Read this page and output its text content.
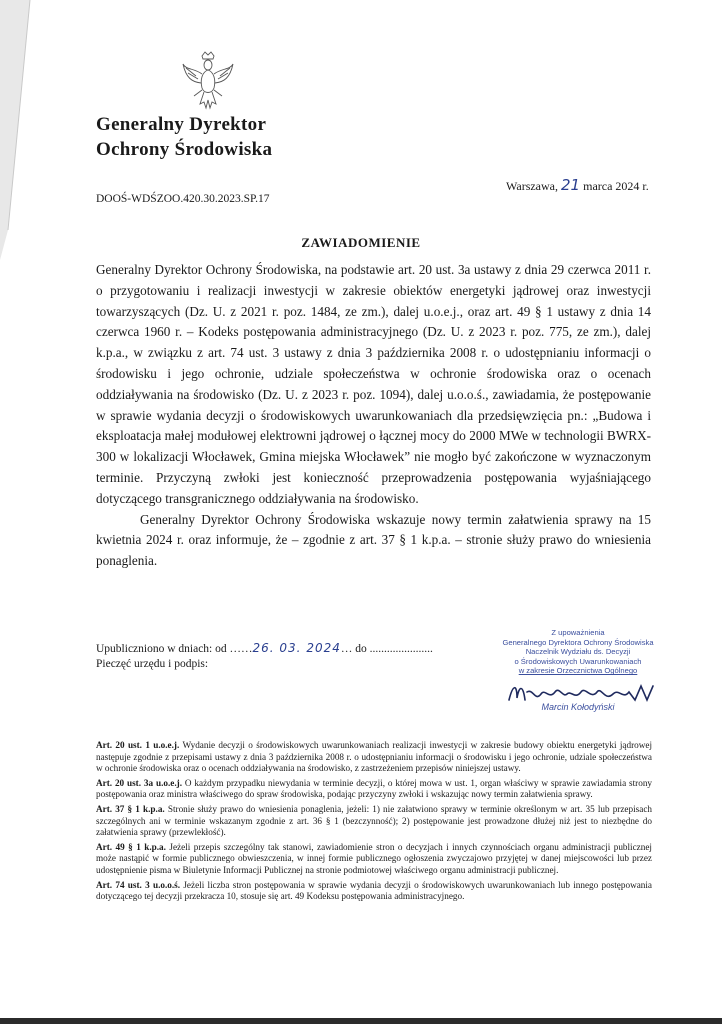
Generalny Dyrektor
Ochrony Środowiska
Warszawa, 21 marca 2024 r.
DOOŚ-WDŚZOO.420.30.2023.SP.17
ZAWIADOMIENIE

Generalny Dyrektor Ochrony Środowiska, na podstawie art. 20 ust. 3a ustawy z dnia 29 czerwca 2011 r. o przygotowaniu i realizacji inwestycji w zakresie obiektów energetyki jądrowej oraz inwestycji towarzyszących (Dz. U. z 2021 r. poz. 1484, ze zm.), dalej u.o.e.j., oraz art. 49 § 1 ustawy z dnia 14 czerwca 1960 r. – Kodeks postępowania administracyjnego (Dz. U. z 2023 r. poz. 775, ze zm.), dalej k.p.a., w związku z art. 74 ust. 3 ustawy z dnia 3 października 2008 r. o udostępnianiu informacji o środowisku i jego ochronie, udziale społeczeństwa w ochronie środowiska oraz o ocenach oddziaływania na środowisko (Dz. U. z 2023 r. poz. 1094), dalej u.o.o.ś., zawiadamia, że postępowanie w sprawie wydania decyzji o środowiskowych uwarunkowaniach dla przedsięwzięcia pn.: „Budowa i eksploatacja małej modułowej elektrowni jądrowej o łącznej mocy do 2000 MWe w technologii BWRX-300 w lokalizacji Włocławek, Gmina miejska Włocławek” nie mogło być zakończone w wyznaczonym terminie. Przyczyną zwłoki jest konieczność przeprowadzenia postępowania wyjaśniającego dotyczącego transgranicznego oddziaływania na środowisko.

Generalny Dyrektor Ochrony Środowiska wskazuje nowy termin załatwienia sprawy na 15 kwietnia 2024 r. oraz informuje, że – zgodnie z art. 37 § 1 k.p.a. – stronie służy prawo do wniesienia ponaglenia.

Upubliczniono w dniach: od ……26. 03. 2024… do ......................
Pieczęć urzędu i podpis:
Z upoważnienia
Generalnego Dyrektora Ochrony Środowiska
Naczelnik Wydziału ds. Decyzji
o Środowiskowych Uwarunkowaniach
w zakresie Orzecznictwa Ogólnego
Marcin Kołodyński

Art. 20 ust. 1 u.o.e.j. Wydanie decyzji o środowiskowych uwarunkowaniach realizacji inwestycji w zakresie budowy obiektu energetyki jądrowej następuje zgodnie z przepisami ustawy z dnia 3 października 2008 r. o udostępnianiu informacji o środowisku i jego ochronie, udziale społeczeństwa w ochronie środowiska oraz o ocenach oddziaływania na środowisko, z zastrzeżeniem przepisów niniejszej ustawy.

Art. 20 ust. 3a u.o.e.j. O każdym przypadku niewydania w terminie decyzji, o której mowa w ust. 1, organ właściwy w sprawie zawiadamia strony postępowania oraz ministra właściwego do spraw środowiska, podając przyczyny zwłoki i wskazując nowy termin załatwienia sprawy.

Art. 37 § 1 k.p.a. Stronie służy prawo do wniesienia ponaglenia, jeżeli: 1) nie załatwiono sprawy w terminie określonym w art. 35 lub przepisach szczególnych ani w terminie wskazanym zgodnie z art. 36 § 1 (bezczynność); 2) postępowanie jest prowadzone dłużej niż jest to niezbędne do załatwienia sprawy (przewlekłość).

Art. 49 § 1 k.p.a. Jeżeli przepis szczególny tak stanowi, zawiadomienie stron o decyzjach i innych czynnościach organu administracji publicznej może nastąpić w formie publicznego obwieszczenia, w innej formie publicznego ogłoszenia zwyczajowo przyjętej w danej miejscowości lub przez udostępnienie pisma w Biuletynie Informacji Publicznej na stronie podmiotowej właściwego organu administracji publicznej.

Art. 74 ust. 3 u.o.o.ś. Jeżeli liczba stron postępowania w sprawie wydania decyzji o środowiskowych uwarunkowaniach lub innego postępowania dotyczącego tej decyzji przekracza 10, stosuje się art. 49 Kodeksu postępowania administracyjnego.
